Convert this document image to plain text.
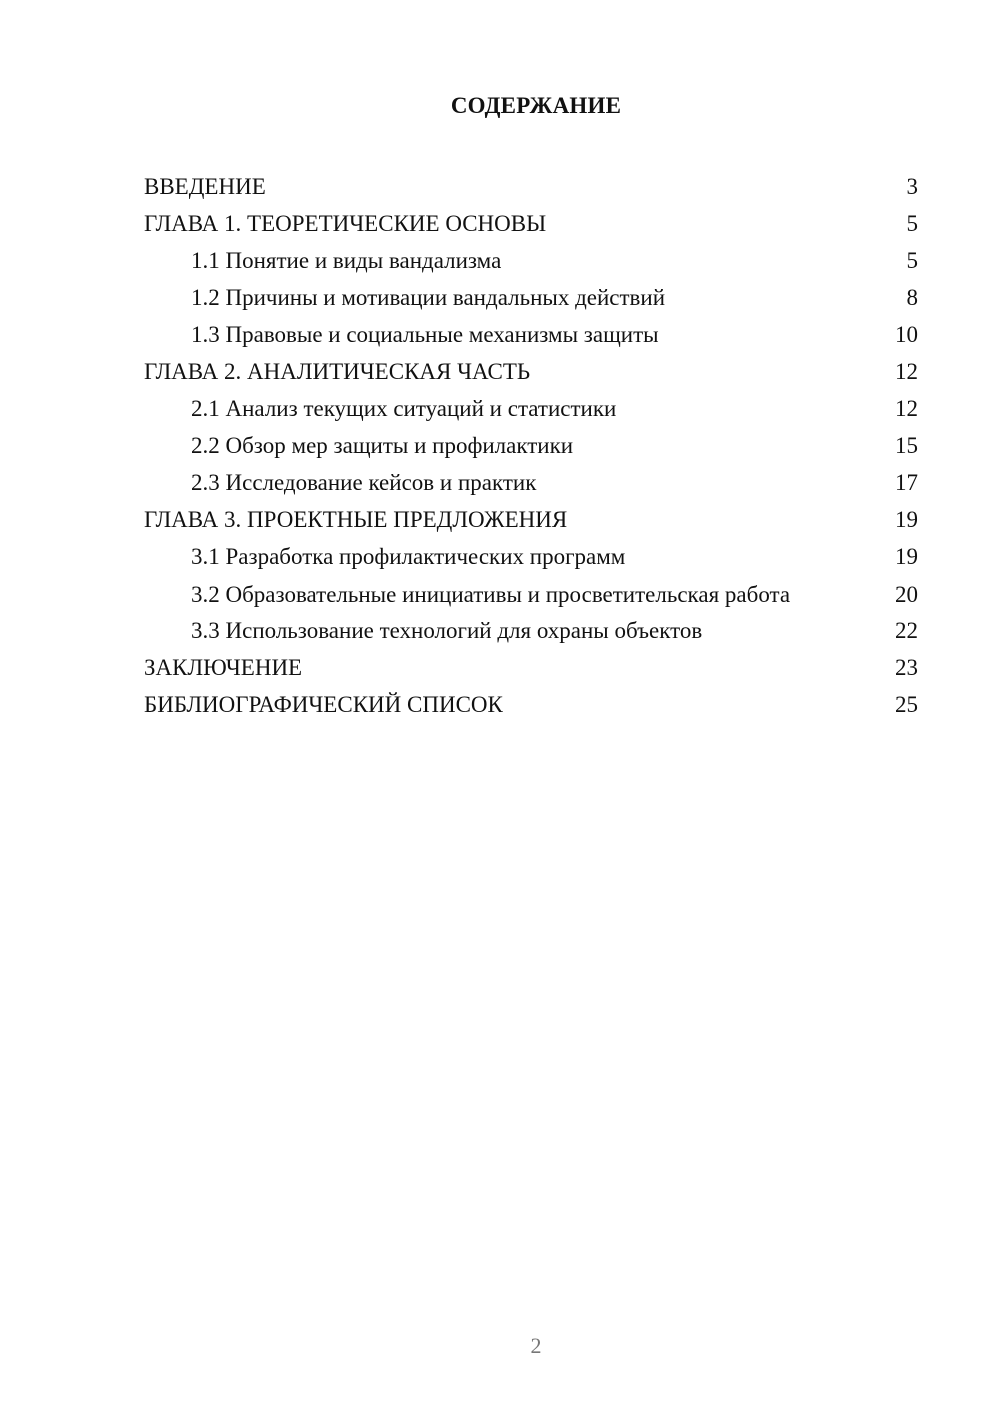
СОДЕРЖАНИЕ
ВВЕДЕНИЕ	3
ГЛАВА 1. ТЕОРЕТИЧЕСКИЕ ОСНОВЫ	5
1.1 Понятие и виды вандализма	5
1.2 Причины и мотивации вандальных действий	8
1.3 Правовые и социальные механизмы защиты	10
ГЛАВА 2. АНАЛИТИЧЕСКАЯ ЧАСТЬ	12
2.1 Анализ текущих ситуаций и статистики	12
2.2 Обзор мер защиты и профилактики	15
2.3 Исследование кейсов и практик	17
ГЛАВА 3. ПРОЕКТНЫЕ ПРЕДЛОЖЕНИЯ	19
3.1 Разработка профилактических программ	19
3.2 Образовательные инициативы и просветительская работа	20
3.3 Использование технологий для охраны объектов	22
ЗАКЛЮЧЕНИЕ	23
БИБЛИОГРАФИЧЕСКИЙ СПИСОК	25
2
